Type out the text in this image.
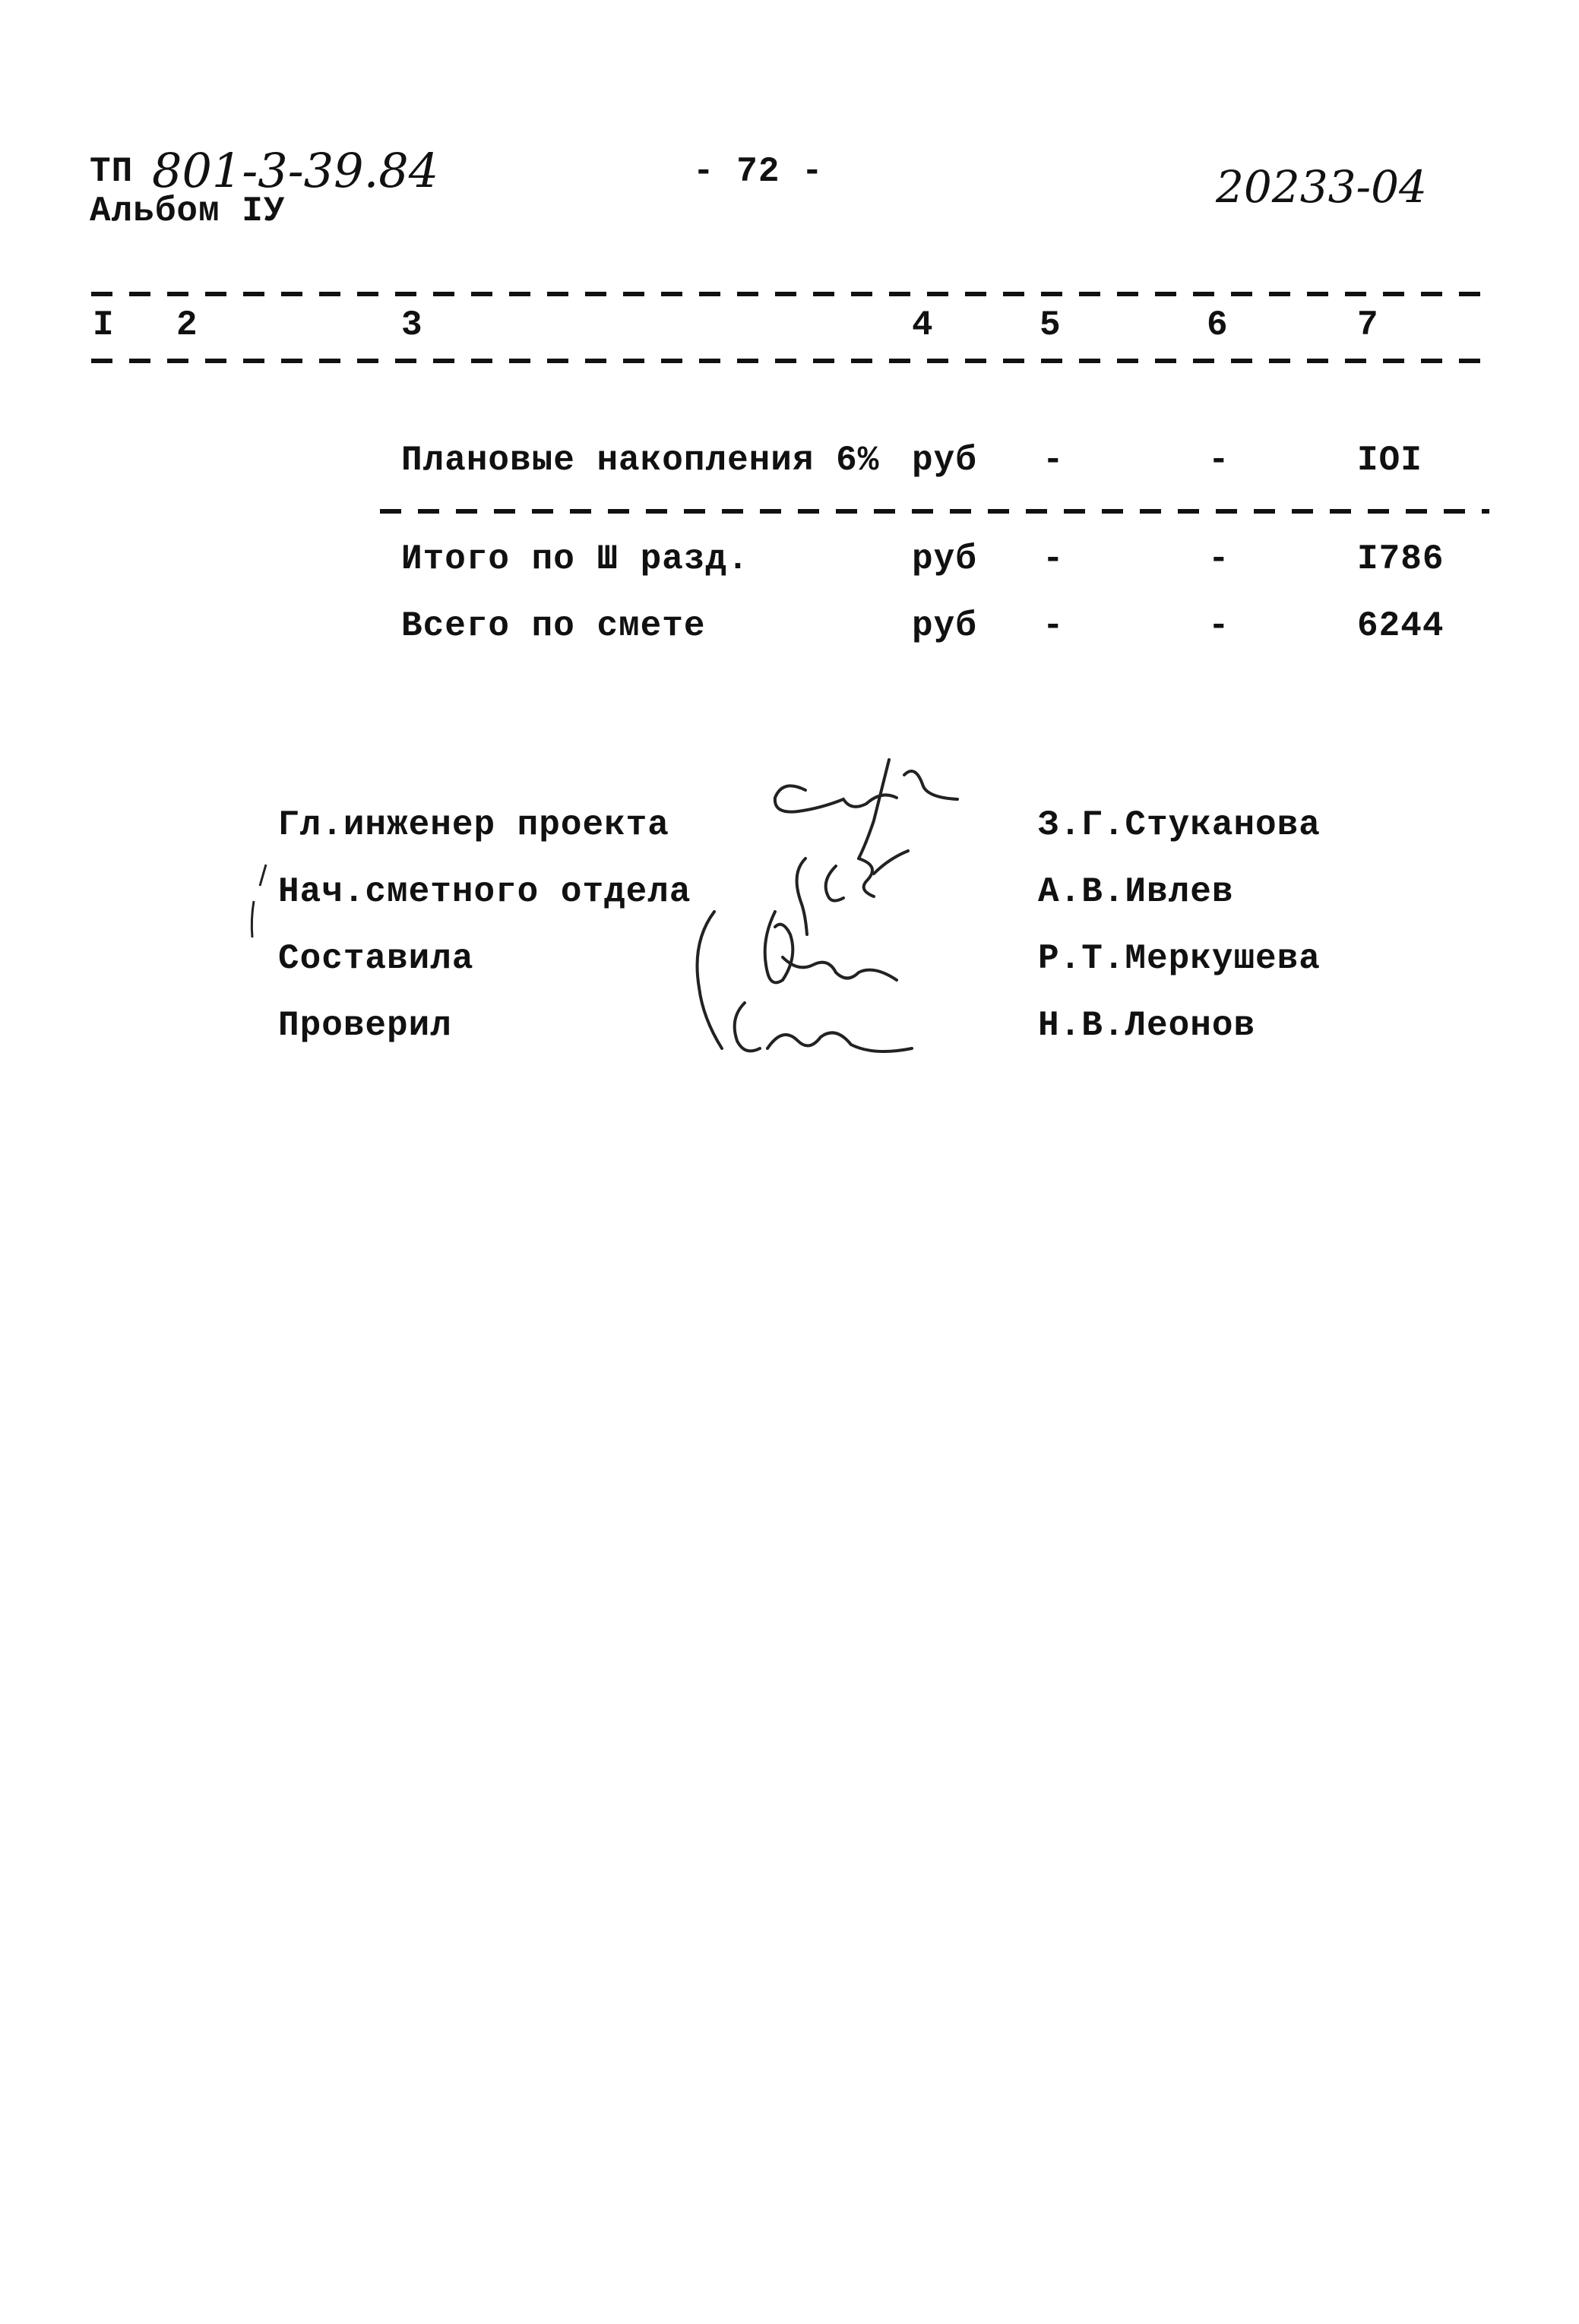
ТП 801-3-39.84
Альбом IУ
- 72 -	20233-04
I 2	3	4	5	6	7
Плановые накопления 6% руб -	-	IOI
Итого по Ш разд.	руб -	-	I786
Всего по смете	руб -	-	6244
Гл.инженер проекта	З.Г.Стуканова
Нач.сметного отдела	А.В.Ивлев
Составила	Р.Т.Меркушева
Проверил	Н.В.Леонов
